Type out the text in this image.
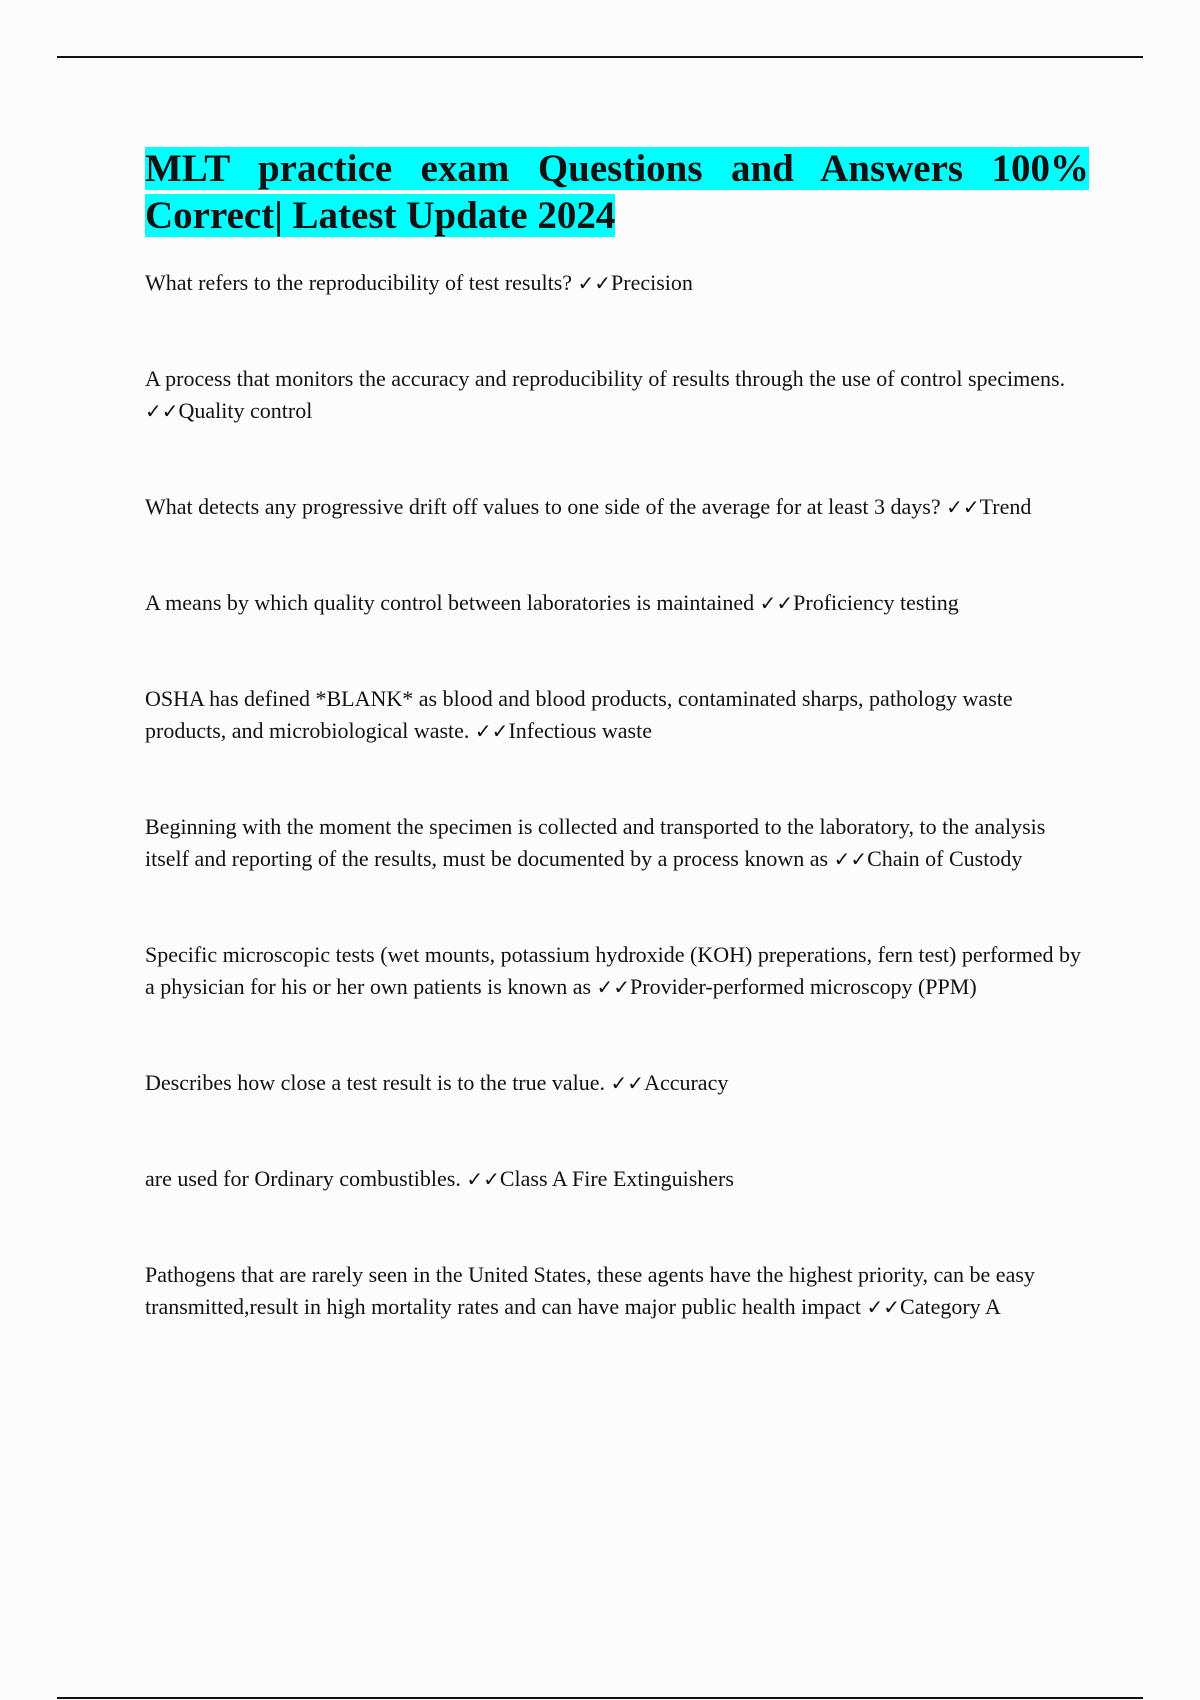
MLT practice exam Questions and Answers 100% Correct| Latest Update 2024

What refers to the reproducibility of test results? ✓✓Precision

A process that monitors the accuracy and reproducibility of results through the use of control specimens. ✓✓Quality control

What detects any progressive drift off values to one side of the average for at least 3 days? ✓✓Trend

A means by which quality control between laboratories is maintained ✓✓Proficiency testing

OSHA has defined *BLANK* as blood and blood products, contaminated sharps, pathology waste products, and microbiological waste. ✓✓Infectious waste

Beginning with the moment the specimen is collected and transported to the laboratory, to the analysis itself and reporting of the results, must be documented by a process known as ✓✓Chain of Custody

Specific microscopic tests (wet mounts, potassium hydroxide (KOH) preperations, fern test) performed by a physician for his or her own patients is known as ✓✓Provider-performed microscopy (PPM)

Describes how close a test result is to the true value. ✓✓Accuracy

are used for Ordinary combustibles. ✓✓Class A Fire Extinguishers

Pathogens that are rarely seen in the United States, these agents have the highest priority, can be easy transmitted,result in high mortality rates and can have major public health impact ✓✓Category A
